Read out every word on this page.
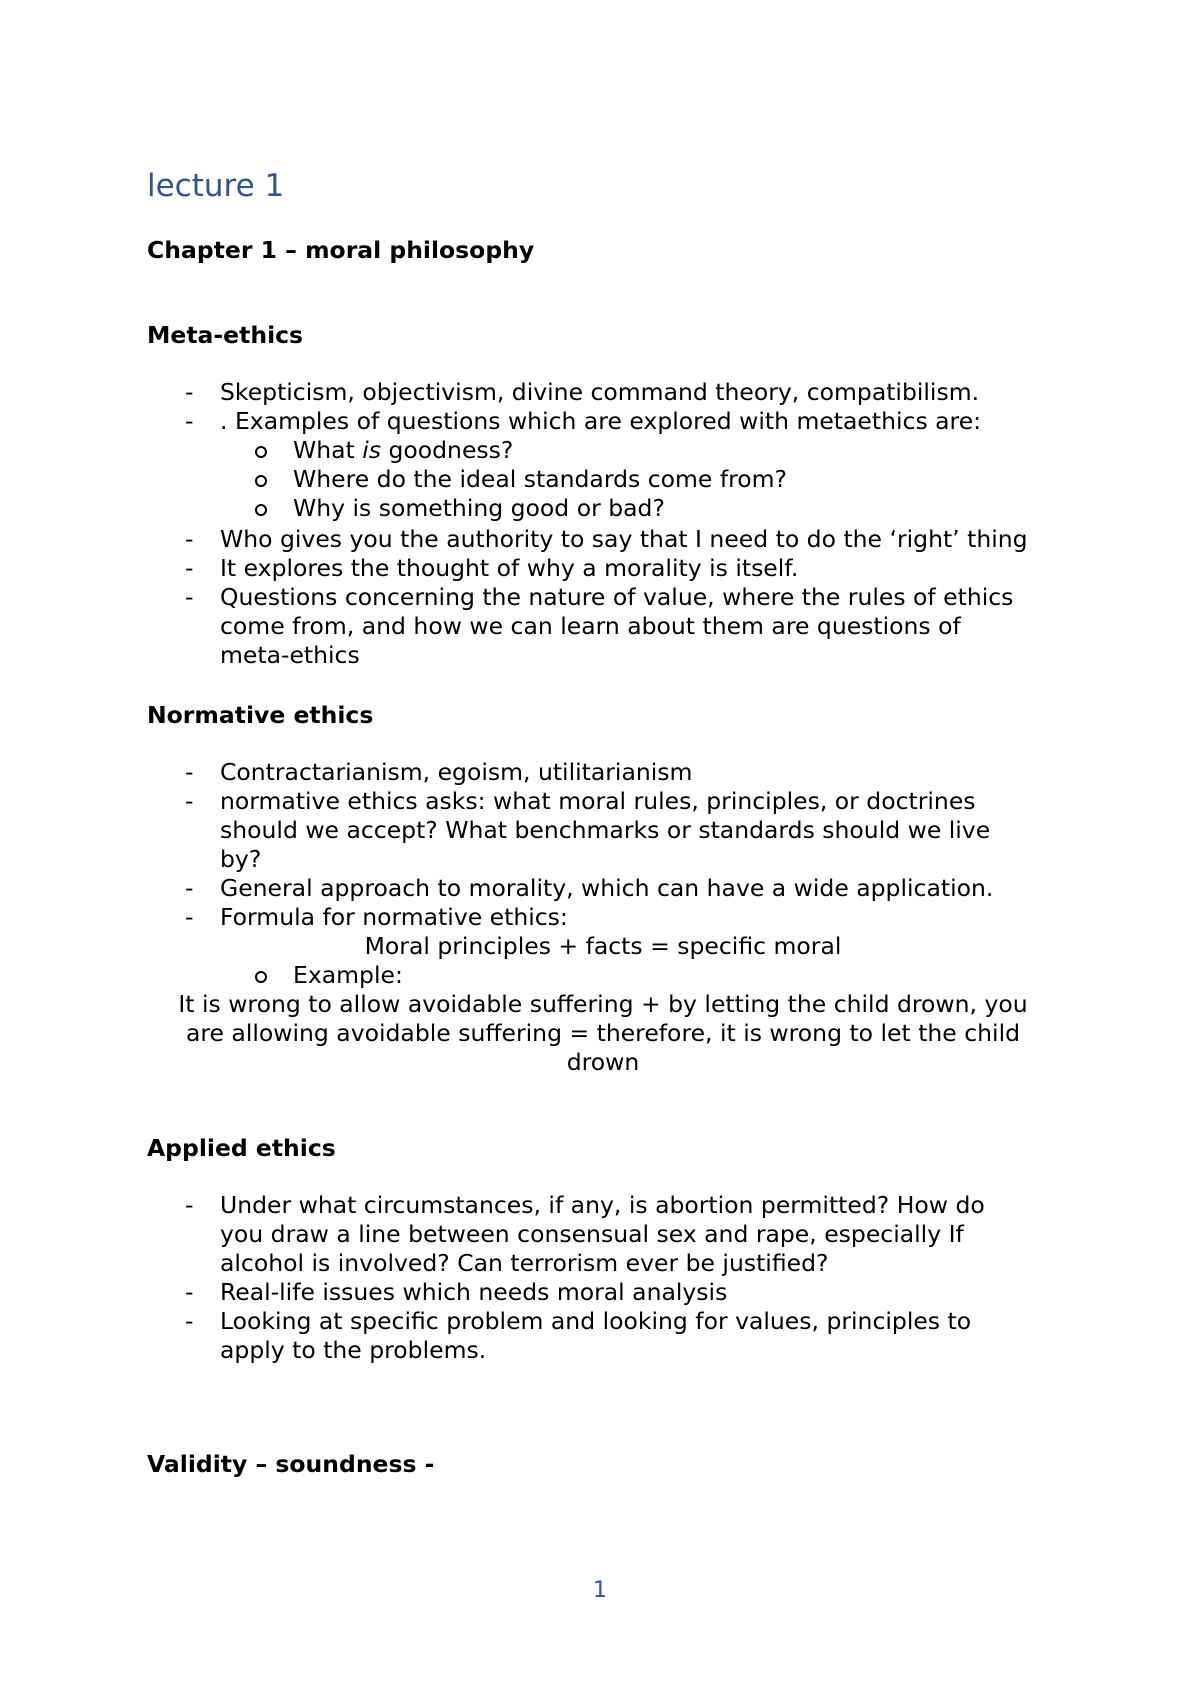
lecture 1
Chapter 1 – moral philosophy
Meta-ethics
-	Skepticism, objectivism, divine command theory, compatibilism.
-	. Examples of questions which are explored with metaethics are:
What is goodness?
Where do the ideal standards come from?
Why is something good or bad?
-	Who gives you the authority to say that I need to do the ‘right’ thing
-	It explores the thought of why a morality is itself.
-	Questions concerning the nature of value, where the rules of ethics
come from, and how we can learn about them are questions of
meta-ethics
Normative ethics
-	Contractarianism, egoism, utilitarianism
-	normative ethics asks: what moral rules, principles, or doctrines
should we accept? What benchmarks or standards should we live
by?
-	General approach to morality, which can have a wide application.
-	Formula for normative ethics:
Moral principles + facts = specific moral
Example:
It is wrong to allow avoidable suffering + by letting the child drown, you
are allowing avoidable suffering = therefore, it is wrong to let the child
drown
Applied ethics
-	Under what circumstances, if any, is abortion permitted? How do
you draw a line between consensual sex and rape, especially If
alcohol is involved? Can terrorism ever be justified?
-	Real-life issues which needs moral analysis
-	Looking at specific problem and looking for values, principles to
apply to the problems.
Validity – soundness -
1
